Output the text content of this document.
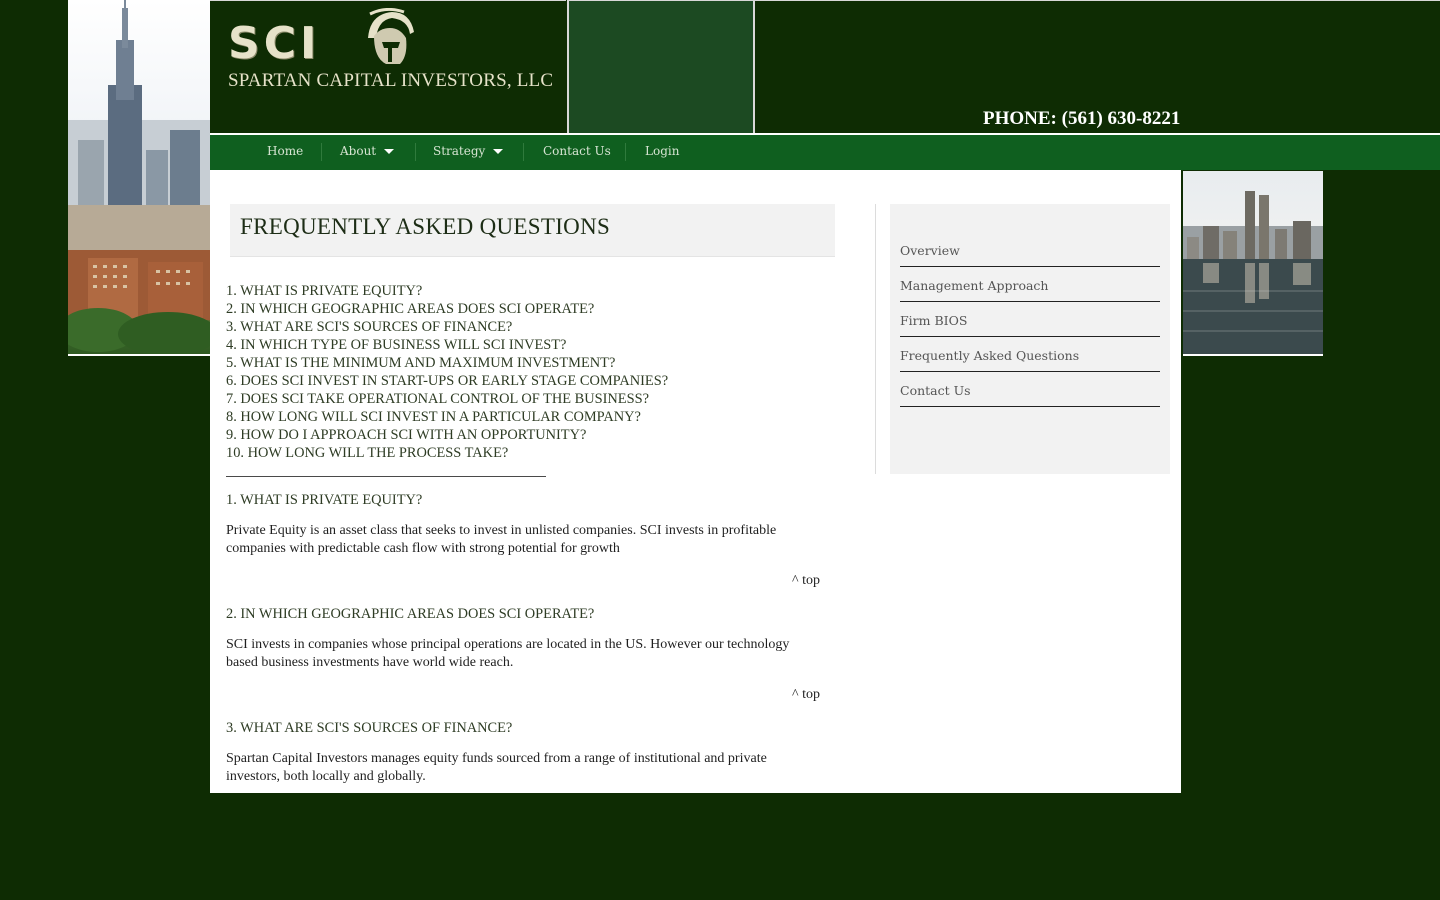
SCI
SPARTAN CAPITAL INVESTORS, LLC
PHONE: (561) 630-8221
Home	About	Strategy	Contact Us	Login
FREQUENTLY ASKED QUESTIONS
1. WHAT IS PRIVATE EQUITY?
2. IN WHICH GEOGRAPHIC AREAS DOES SCI OPERATE?
3. WHAT ARE SCI'S SOURCES OF FINANCE?
4. IN WHICH TYPE OF BUSINESS WILL SCI INVEST?
5. WHAT IS THE MINIMUM AND MAXIMUM INVESTMENT?
6. DOES SCI INVEST IN START-UPS OR EARLY STAGE COMPANIES?
7. DOES SCI TAKE OPERATIONAL CONTROL OF THE BUSINESS?
8. HOW LONG WILL SCI INVEST IN A PARTICULAR COMPANY?
9. HOW DO I APPROACH SCI WITH AN OPPORTUNITY?
10. HOW LONG WILL THE PROCESS TAKE?
1. WHAT IS PRIVATE EQUITY?
Private Equity is an asset class that seeks to invest in unlisted companies. SCI invests in profitable companies with predictable cash flow with strong potential for growth
^ top
2. IN WHICH GEOGRAPHIC AREAS DOES SCI OPERATE?
SCI invests in companies whose principal operations are located in the US. However our technology based business investments have world wide reach.
^ top
3. WHAT ARE SCI'S SOURCES OF FINANCE?
Spartan Capital Investors manages equity funds sourced from a range of institutional and private investors, both locally and globally.
Overview
Management Approach
Firm BIOS
Frequently Asked Questions
Contact Us
